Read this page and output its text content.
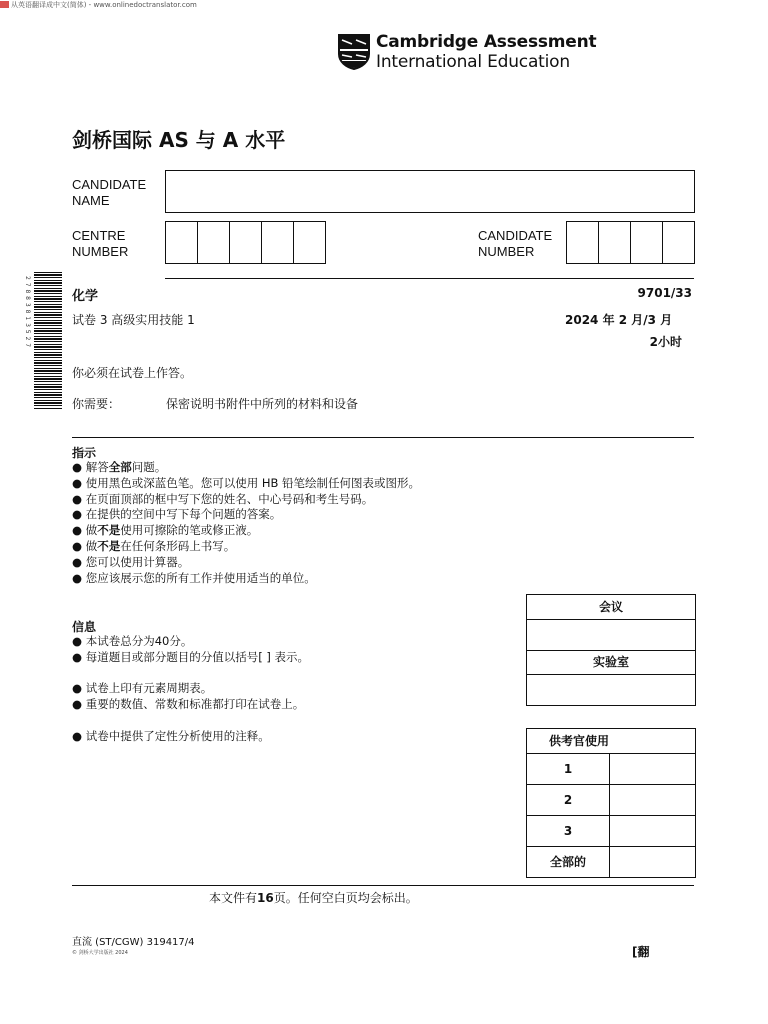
从英语翻译成中文(简体) - www.onlinedoctranslator.com
Cambridge Assessment
International Education
剑桥国际 AS 与 A 水平
CANDIDATE
NAME
CENTRE
NUMBER
CANDIDATE
NUMBER
2 7 8 8 3 8 1 3 5 2 7	化学	9701/33
试卷 3 高级实用技能 1	2024 年 2 月/3 月
2小时
你必须在试卷上作答。
你需要：	保密说明书附件中所列的材料和设备
指示
● 解答全部问题。
● 使用黑色或深蓝色笔。您可以使用 HB 铅笔绘制任何图表或图形。
● 在页面顶部的框中写下您的姓名、中心号码和考生号码。
● 在提供的空间中写下每个问题的答案。
● 做不是使用可擦除的笔或修正液。
● 做不是在任何条形码上书写。
● 您可以使用计算器。
● 您应该展示您的所有工作并使用适当的单位。
信息
● 本试卷总分为40分。
● 每道题目或部分题目的分值以括号[ ] 表示。
● 试卷上印有元素周期表。
● 重要的数值、常数和标准都打印在试卷上。
● 试卷中提供了定性分析使用的注释。
会议
实验室
供考官使用
1
2
3
全部的
本文件有16页。任何空白页均会标出。
直流 (ST/CGW) 319417/4
© 剑桥大学出版社 2024	[翻
